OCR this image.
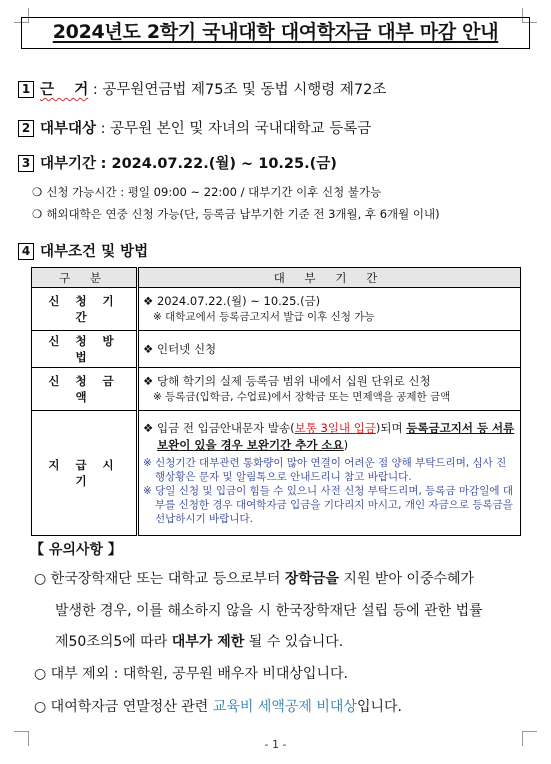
2024년도 2학기 국내대학 대여학자금 대부 마감 안내
1 근    거 : 공무원연금법 제75조 및 동법 시행령 제72조
2 대부대상 : 공무원 본인 및 자녀의 국내대학교 등록금
3 대부기간 : 2024.07.22.(월) ~ 10.25.(금)
❍ 신청 가능시간 : 평일 09:00 ~ 22:00 / 대부기간 이후 신청 불가능
❍ 해외대학은 연중 신청 가능(단, 등록금 납부기한 기준 전 3개월, 후 6개월 이내)
4 대부조건 및 방법
구 분	대 부 기 간
신 청 기 간	❖ 2024.07.22.(월) ~ 10.25.(금)
※ 대학교에서 등록금고지서 발급 이후 신청 가능

신 청 방 법	❖ 인터넷 신청

신 청 금 액	❖ 당해 학기의 실제 등록금 범위 내에서 십원 단위로 신청
※ 등록금(입학금, 수업료)에서 장학금 또는 면제액을 공제한 금액

지 급 시 기	❖ 입금 전 입금안내문자 발송(보통 3일내 입금)되며 등록금고지서 등 서류보완이 있을 경우 보완기간 추가 소요)
※ 신청기간 대부관련 통화량이 많아 연결이 어려운 점 양해 부탁드리며, 심사 진행상황은 문자 및 알림톡으로 안내드리니 참고 바랍니다.
※ 당일 신청 및 입금이 힘들 수 있으니 사전 신청 부탁드리며, 등록금 마감일에 대부를 신청한 경우 대여학자금 입금을 기다리지 마시고, 개인 자금으로 등록금을 선납하시기 바랍니다.
【 유의사항 】
○ 한국장학재단 또는 대학교 등으로부터 장학금을 지원 받아 이중수혜가
발생한 경우, 이를 해소하지 않을 시 한국장학재단 설립 등에 관한 법률
제50조의5에 따라 대부가 제한 될 수 있습니다.
○ 대부 제외 : 대학원, 공무원 배우자 비대상입니다.
○ 대여학자금 연말정산 관련 교육비 세액공제 비대상입니다.
- 1 -
